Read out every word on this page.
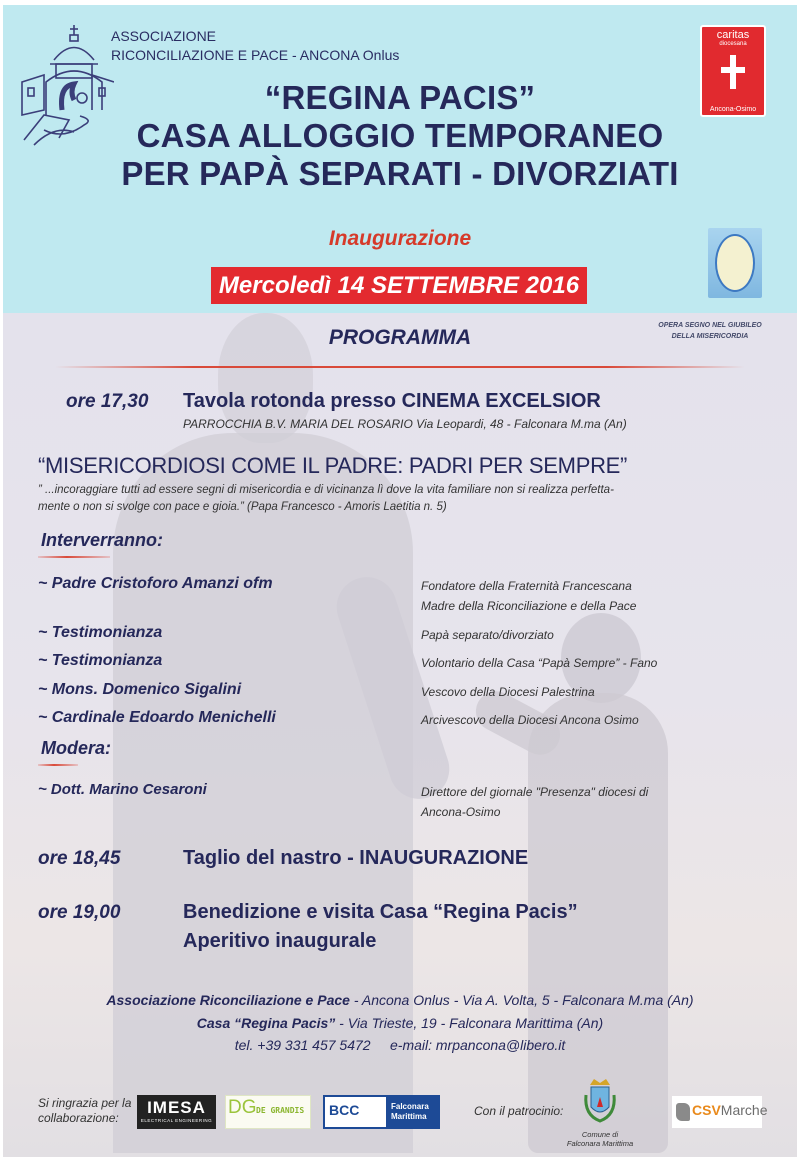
ASSOCIAZIONE
RICONCILIAZIONE E PACE - ANCONA Onlus
caritas
diocesana
Ancona-Osimo
“REGINA PACIS”
CASA ALLOGGIO TEMPORANEO
PER PAPÀ SEPARATI - DIVORZIATI
Inaugurazione
Mercoledì 14 SETTEMBRE 2016
OPERA SEGNO NEL GIUBILEO
DELLA MISERICORDIA
PROGRAMMA
ore 17,30 Tavola rotonda presso CINEMA EXCELSIOR
PARROCCHIA B.V. MARIA DEL ROSARIO Via Leopardi, 48 - Falconara M.ma (An)
“MISERICORDIOSI COME IL PADRE: PADRI PER SEMPRE”
” ...incoraggiare tutti ad essere segni di misericordia e di vicinanza lì dove la vita familiare non si realizza perfetta-
mente o non si svolge con pace e gioia.” (Papa Francesco - Amoris Laetitia n. 5)
Interverranno:
~ Padre Cristoforo Amanzi ofm	Fondatore della Fraternità Francescana
Madre della Riconciliazione e della Pace
~ Testimonianza	Papà separato/divorziato
~ Testimonianza	Volontario della Casa “Papà Sempre” - Fano
~ Mons. Domenico Sigalini	Vescovo della Diocesi Palestrina
~ Cardinale Edoardo Menichelli	Arcivescovo della Diocesi Ancona Osimo
Modera:
~ Dott. Marino Cesaroni	Direttore del giornale "Presenza" diocesi di
Ancona-Osimo
ore 18,45	Taglio del nastro - INAUGURAZIONE
ore 19,00	Benedizione e visita Casa “Regina Pacis”
Aperitivo inaugurale
Associazione Riconciliazione e Pace - Ancona Onlus - Via A. Volta, 5 - Falconara M.ma (An)
Casa “Regina Pacis” - Via Trieste, 19 - Falconara Marittima (An)
tel. +39 331 457 5472     e-mail: mrpancona@libero.it
Si ringrazia per la
collaborazione:
IMESA
ELECTRICAL ENGINEERING
DG DE GRANDIS BCC	Falconara
Marittima	Con il patrocinio:
Comune di
Falconara Marittima
CSVMarche
